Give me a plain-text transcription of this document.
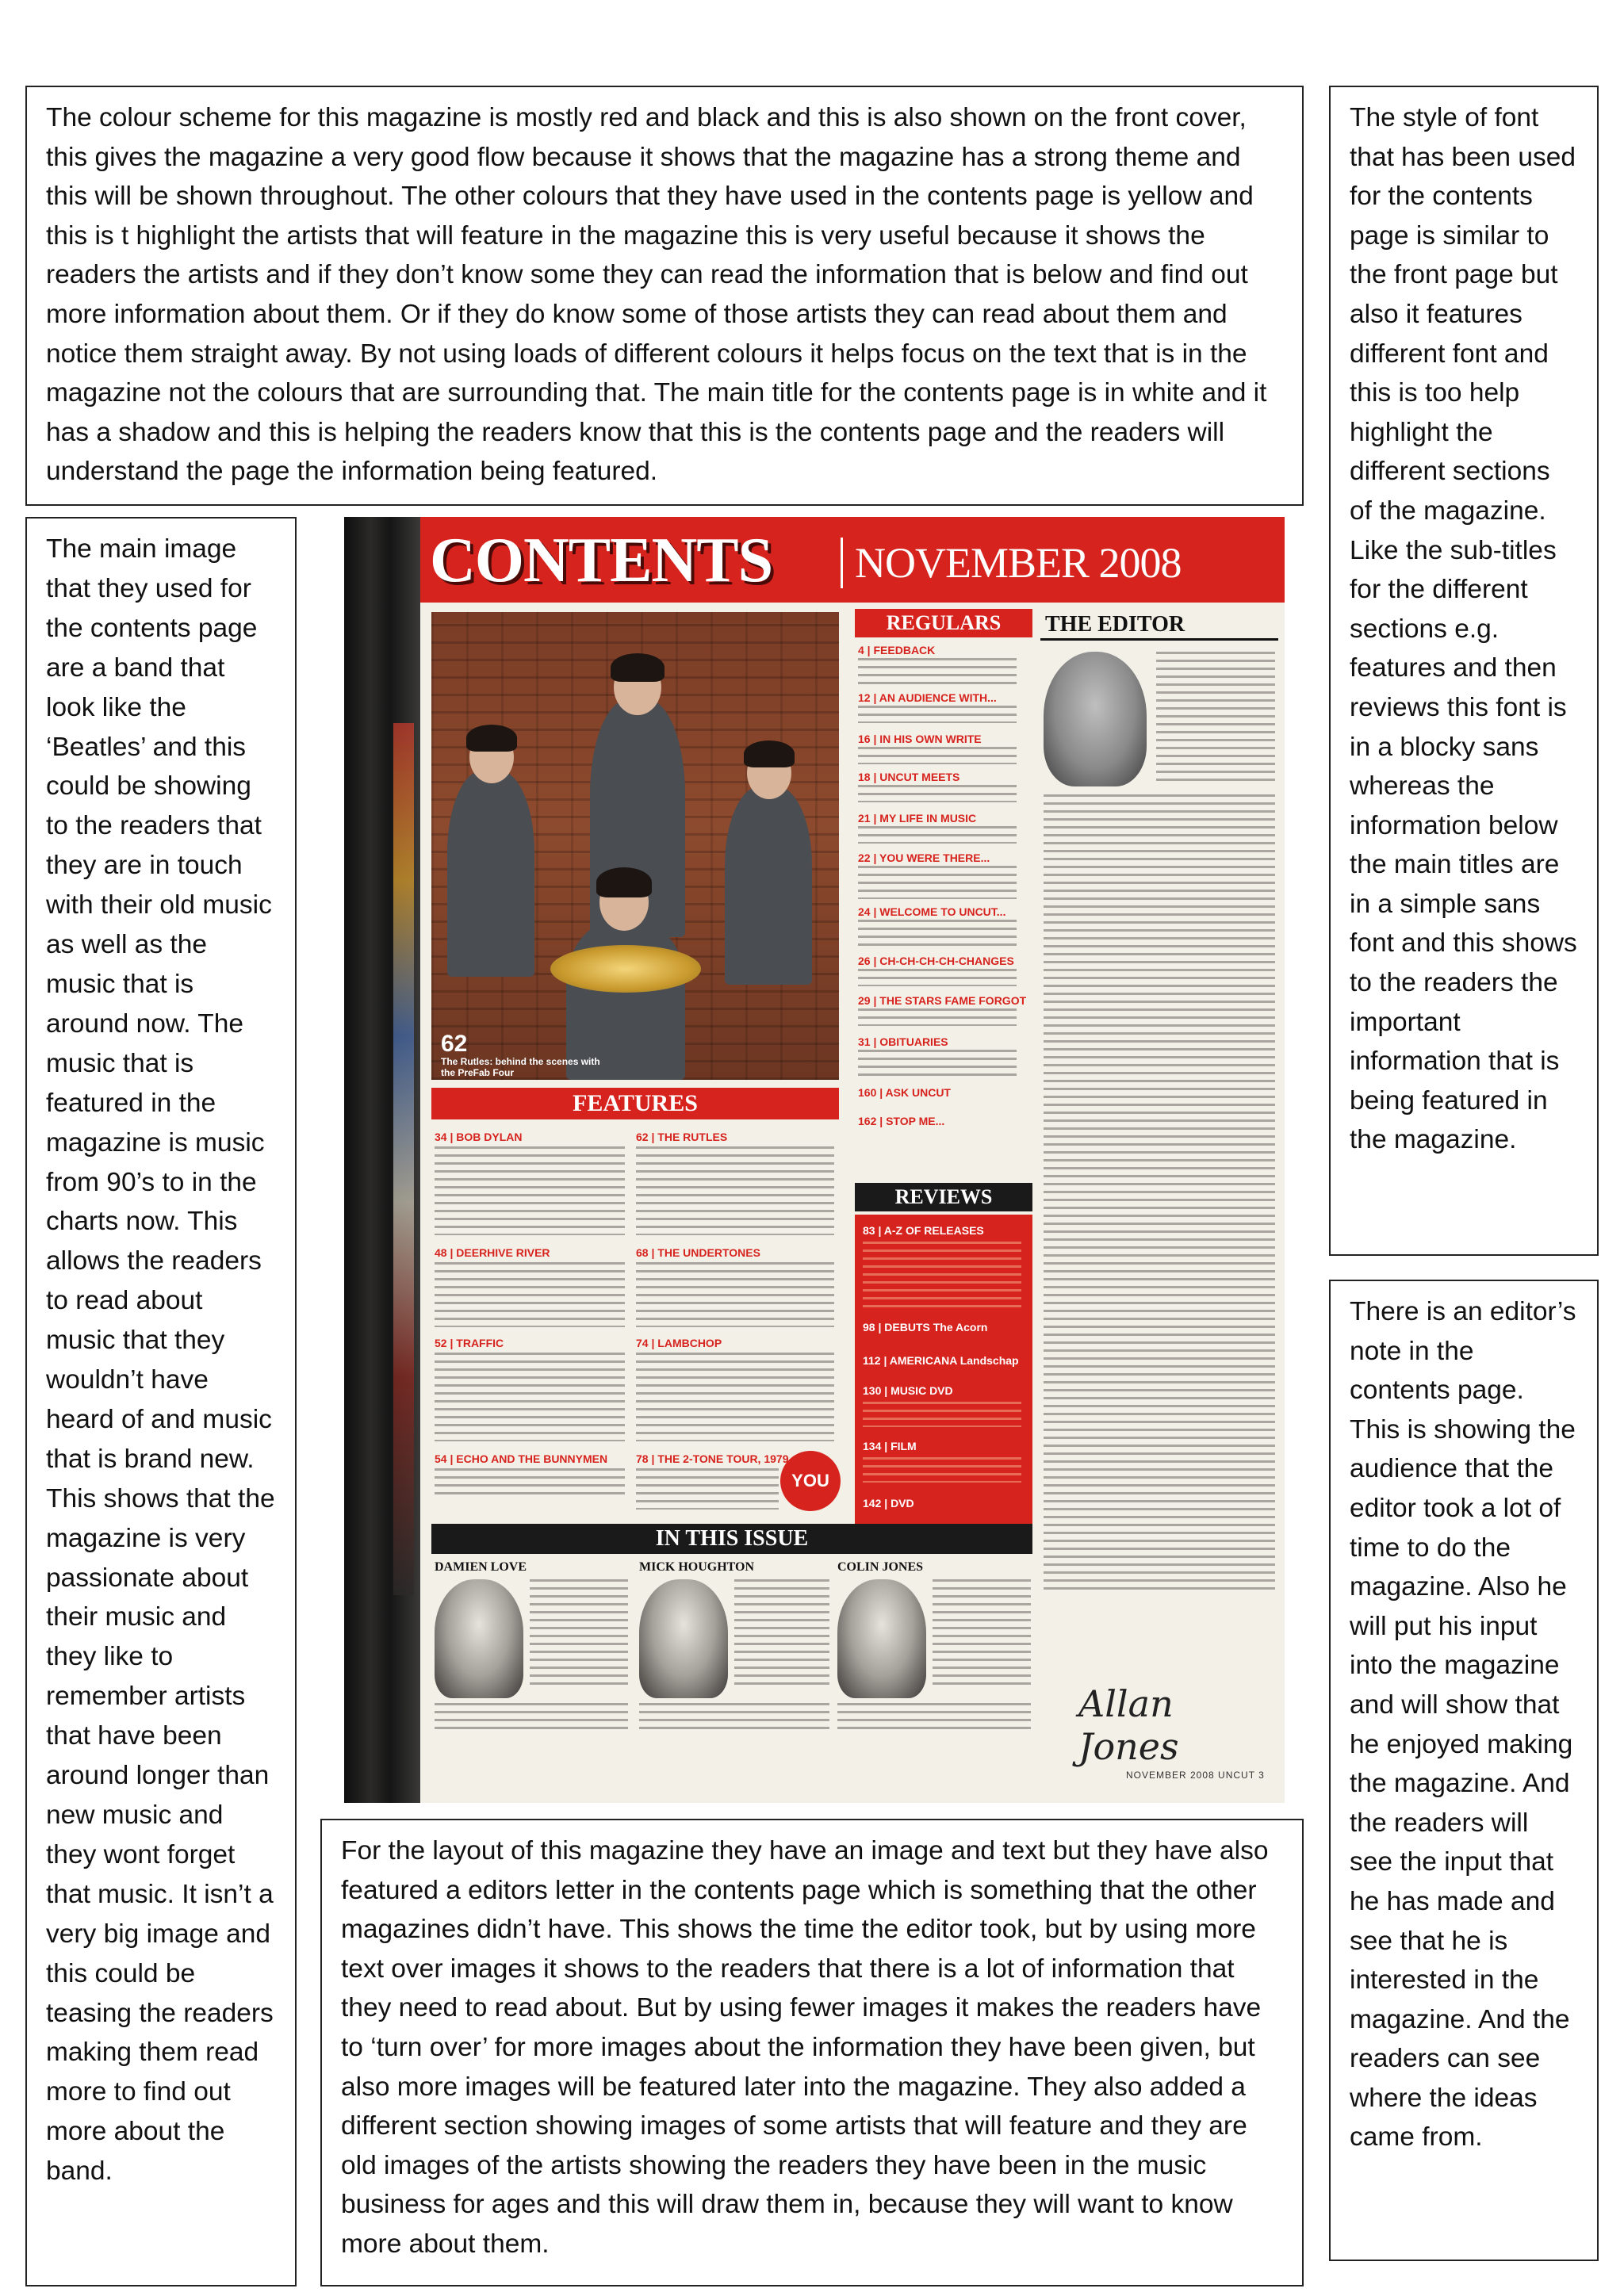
The colour scheme for this magazine is mostly red and black and this is also shown on the front cover, this gives the magazine a very good flow because it shows that the magazine has a strong theme and this will be shown throughout. The other colours that they have used in the contents page is yellow and this is t highlight the artists that will feature in the magazine this is very useful because it shows the readers the artists and if they don’t know some they can read the information that is below and find out more information about them. Or if they do know some of those artists they can read about them and notice them straight away. By not using loads of different colours it helps focus on the text that is in the magazine not the colours that are surrounding that. The main title for the contents page is in white and it has a shadow and this is helping the readers know that this is the contents page and the readers will understand the page the information being featured.

The style of font that has been used for the contents page is similar to the front page but also it features different font and this is too help highlight the different sections of the magazine. Like the sub-titles for the different sections e.g. features and then reviews this font is in a blocky sans whereas the information below the main titles are in a simple sans font and this shows to the readers the important information that is being featured in the magazine.

There is an editor’s note in the contents page. This is showing the audience that the editor took a lot of time to do the magazine. Also he will put his input into the magazine and will show that he enjoyed making the magazine. And the readers will see the input that he has made and see that he is interested in the magazine. And the readers can see where the ideas came from.

The main image that they used for the contents page are a band that look like the ‘Beatles’ and this could be showing to the readers that they are in touch with their old music as well as the music that is around now. The music that is featured in the magazine is music from 90’s to in the charts now. This allows the readers to read about music that they wouldn’t have heard of and music that is brand new. This shows that the magazine is very passionate about their music and they like to remember artists that have been around longer than new music and they wont forget that music. It isn’t a very big image and this could be teasing the readers making them read more to find out more about the band.

For the layout of this magazine they have an image and text but they have also featured a editors letter in the contents page which is something that the other magazines didn’t have. This shows the time the editor took, but by using more text over images it shows to the readers that there is a lot of information that they need to read about. But by using fewer images it makes the readers have to ‘turn over’ for more images about the information they have been given, but also more images will be featured later into the magazine. They also added a different section showing images of some artists that will feature and they are old images of the artists showing the readers they have been in the music business for ages and this will draw them in, because they will want to know more about them.

CONTENTS NOVEMBER 2008
62
The Rutles: behind the scenes with the PreFab Four
REGULARS
4 | FEEDBACK
12 | AN AUDIENCE WITH...
16 | IN HIS OWN WRITE
18 | UNCUT MEETS
21 | MY LIFE IN MUSIC
22 | YOU WERE THERE...
24 | WELCOME TO UNCUT...
26 | CH-CH-CH-CH-CHANGES
29 | THE STARS FAME FORGOT
31 | OBITUARIES
160 | ASK UNCUT
162 | STOP ME...
THE EDITOR
Allan Jones
NOVEMBER 2008 UNCUT 3
FEATURES
34 | BOB DYLAN	62 | THE RUTLES
48 | DEERHIVE RIVER	68 | THE UNDERTONES
52 | TRAFFIC	74 | LAMBCHOP
54 | ECHO AND THE BUNNYMEN	78 | THE 2-TONE TOUR, 1979
YOU
REVIEWS
83 | A-Z OF RELEASES
98 | DEBUTS The Acorn
112 | AMERICANA Landschap
130 | MUSIC DVD
134 | FILM
142 | DVD
IN THIS ISSUE
DAMIEN LOVE	MICK HOUGHTON	COLIN JONES
